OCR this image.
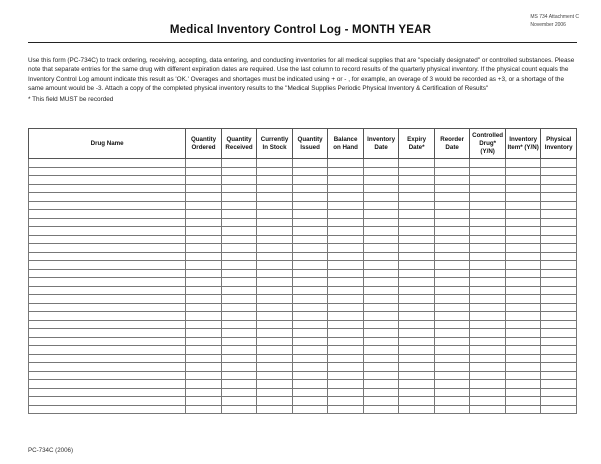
MS 734 Attachment C
November 2006
Medical Inventory Control Log - MONTH YEAR
Use this form (PC-734C) to track ordering, receiving, accepting, data entering, and conducting inventories for all medical supplies that are "specially designated" or controlled substances. Please note that separate entries for the same drug with different expiration dates are required. Use the last column to record results of the quarterly physical inventory. If the physical count equals the Inventory Control Log amount indicate this result as 'OK.' Overages and shortages must be indicated using + or - , for example, an overage of 3 would be recorded as +3, or a shortage of the same amount would be -3. Attach a copy of the completed physical inventory results to the "Medical Supplies Periodic Physical Inventory & Certification of Results"
* This field MUST be recorded
Drug Name	Quantity Ordered	Quantity Received	Currently In Stock	Quantity Issued	Balance on Hand	Inventory Date	Expiry Date*	Reorder Date	Controlled Drug* (Y/N)	Inventory Item* (Y/N)	Physical Inventory

PC-734C (2006)
